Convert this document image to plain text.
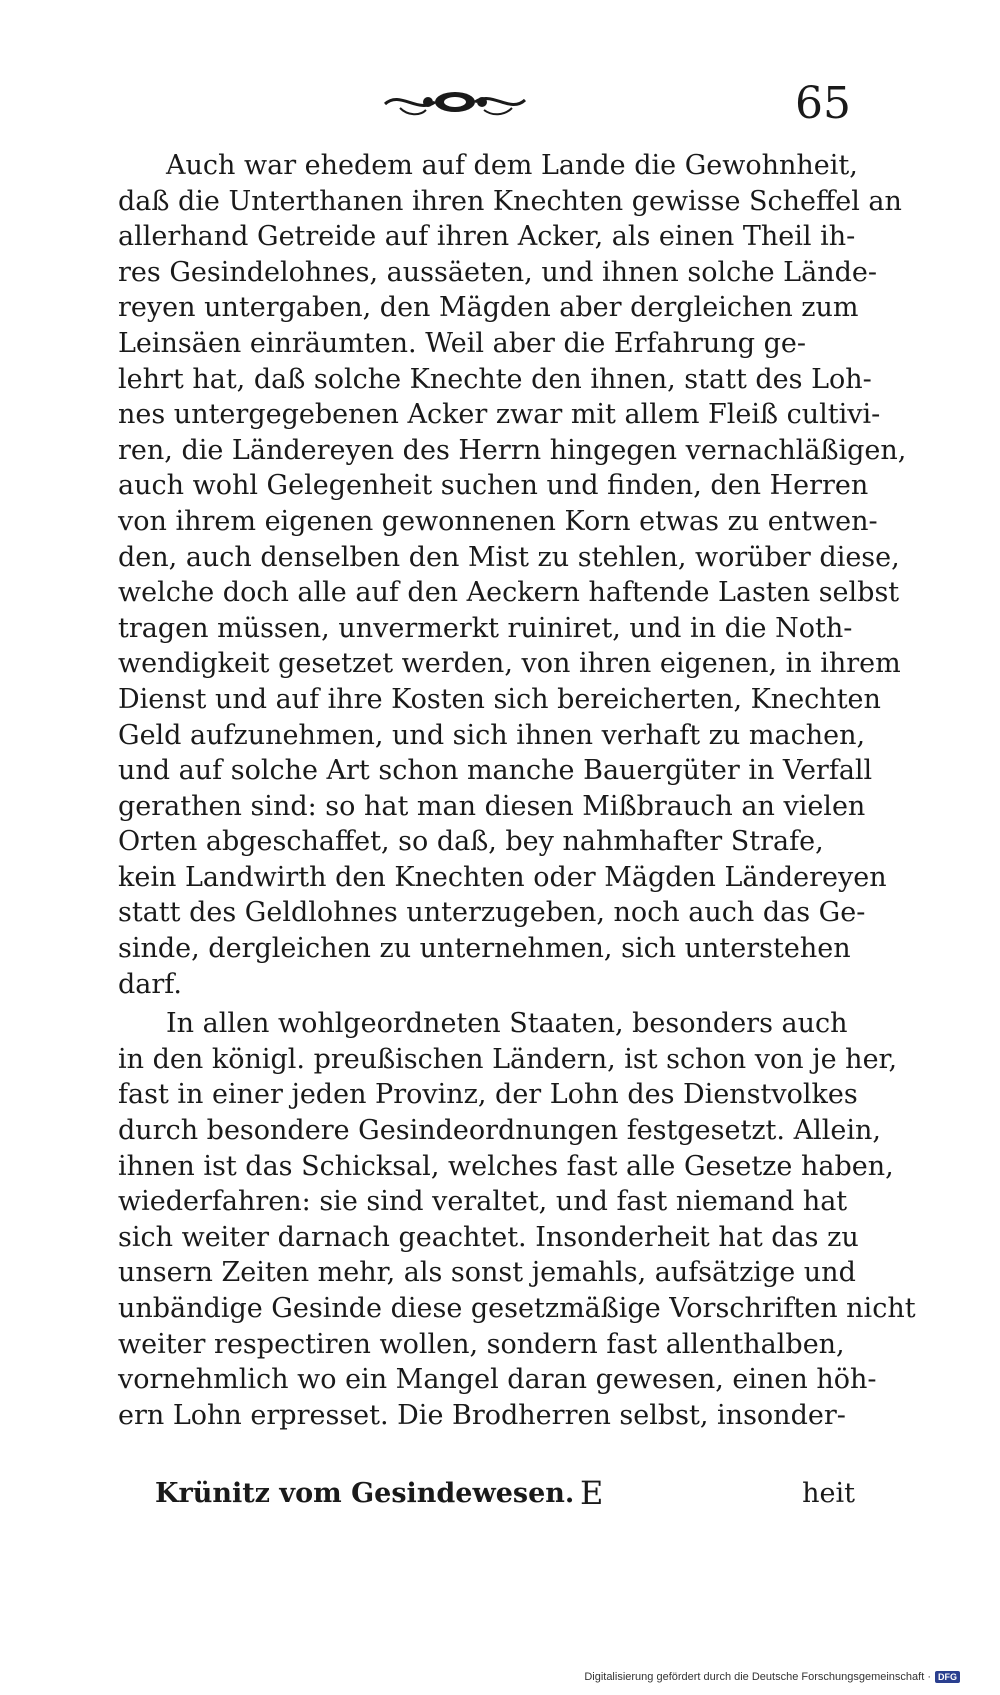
65

Auch war ehedem auf dem Lande die Gewohnheit,
daß die Unterthanen ihren Knechten gewisse Scheffel an
allerhand Getreide auf ihren Acker, als einen Theil ih-
res Gesindelohnes, aussäeten, und ihnen solche Lände-
reyen untergaben, den Mägden aber dergleichen zum
Leinsäen einräumten. Weil aber die Erfahrung ge-
lehrt hat, daß solche Knechte den ihnen, statt des Loh-
nes untergegebenen Acker zwar mit allem Fleiß cultivi-
ren, die Ländereyen des Herrn hingegen vernachläßigen,
auch wohl Gelegenheit suchen und finden, den Herren
von ihrem eigenen gewonnenen Korn etwas zu entwen-
den, auch denselben den Mist zu stehlen, worüber diese,
welche doch alle auf den Aeckern haftende Lasten selbst
tragen müssen, unvermerkt ruiniret, und in die Noth-
wendigkeit gesetzet werden, von ihren eigenen, in ihrem
Dienst und auf ihre Kosten sich bereicherten, Knechten
Geld aufzunehmen, und sich ihnen verhaft zu machen,
und auf solche Art schon manche Bauergüter in Verfall
gerathen sind: so hat man diesen Mißbrauch an vielen
Orten abgeschaffet, so daß, bey nahmhafter Strafe,
kein Landwirth den Knechten oder Mägden Ländereyen
statt des Geldlohnes unterzugeben, noch auch das Ge-
sinde, dergleichen zu unternehmen, sich unterstehen
darf.

In allen wohlgeordneten Staaten, besonders auch
in den königl. preußischen Ländern, ist schon von je her,
fast in einer jeden Provinz, der Lohn des Dienstvolkes
durch besondere Gesindeordnungen festgesetzt. Allein,
ihnen ist das Schicksal, welches fast alle Gesetze haben,
wiederfahren: sie sind veraltet, und fast niemand hat
sich weiter darnach geachtet. Insonderheit hat das zu
unsern Zeiten mehr, als sonst jemahls, aufsätzige und
unbändige Gesinde diese gesetzmäßige Vorschriften nicht
weiter respectiren wollen, sondern fast allenthalben,
vornehmlich wo ein Mangel daran gewesen, einen höh-
ern Lohn erpresset. Die Brodherren selbst, insonder-

Krünitz vom Gesindewesen. E	heit
Digitalisierung gefördert durch die Deutsche Forschungsgemeinschaft · DFG
